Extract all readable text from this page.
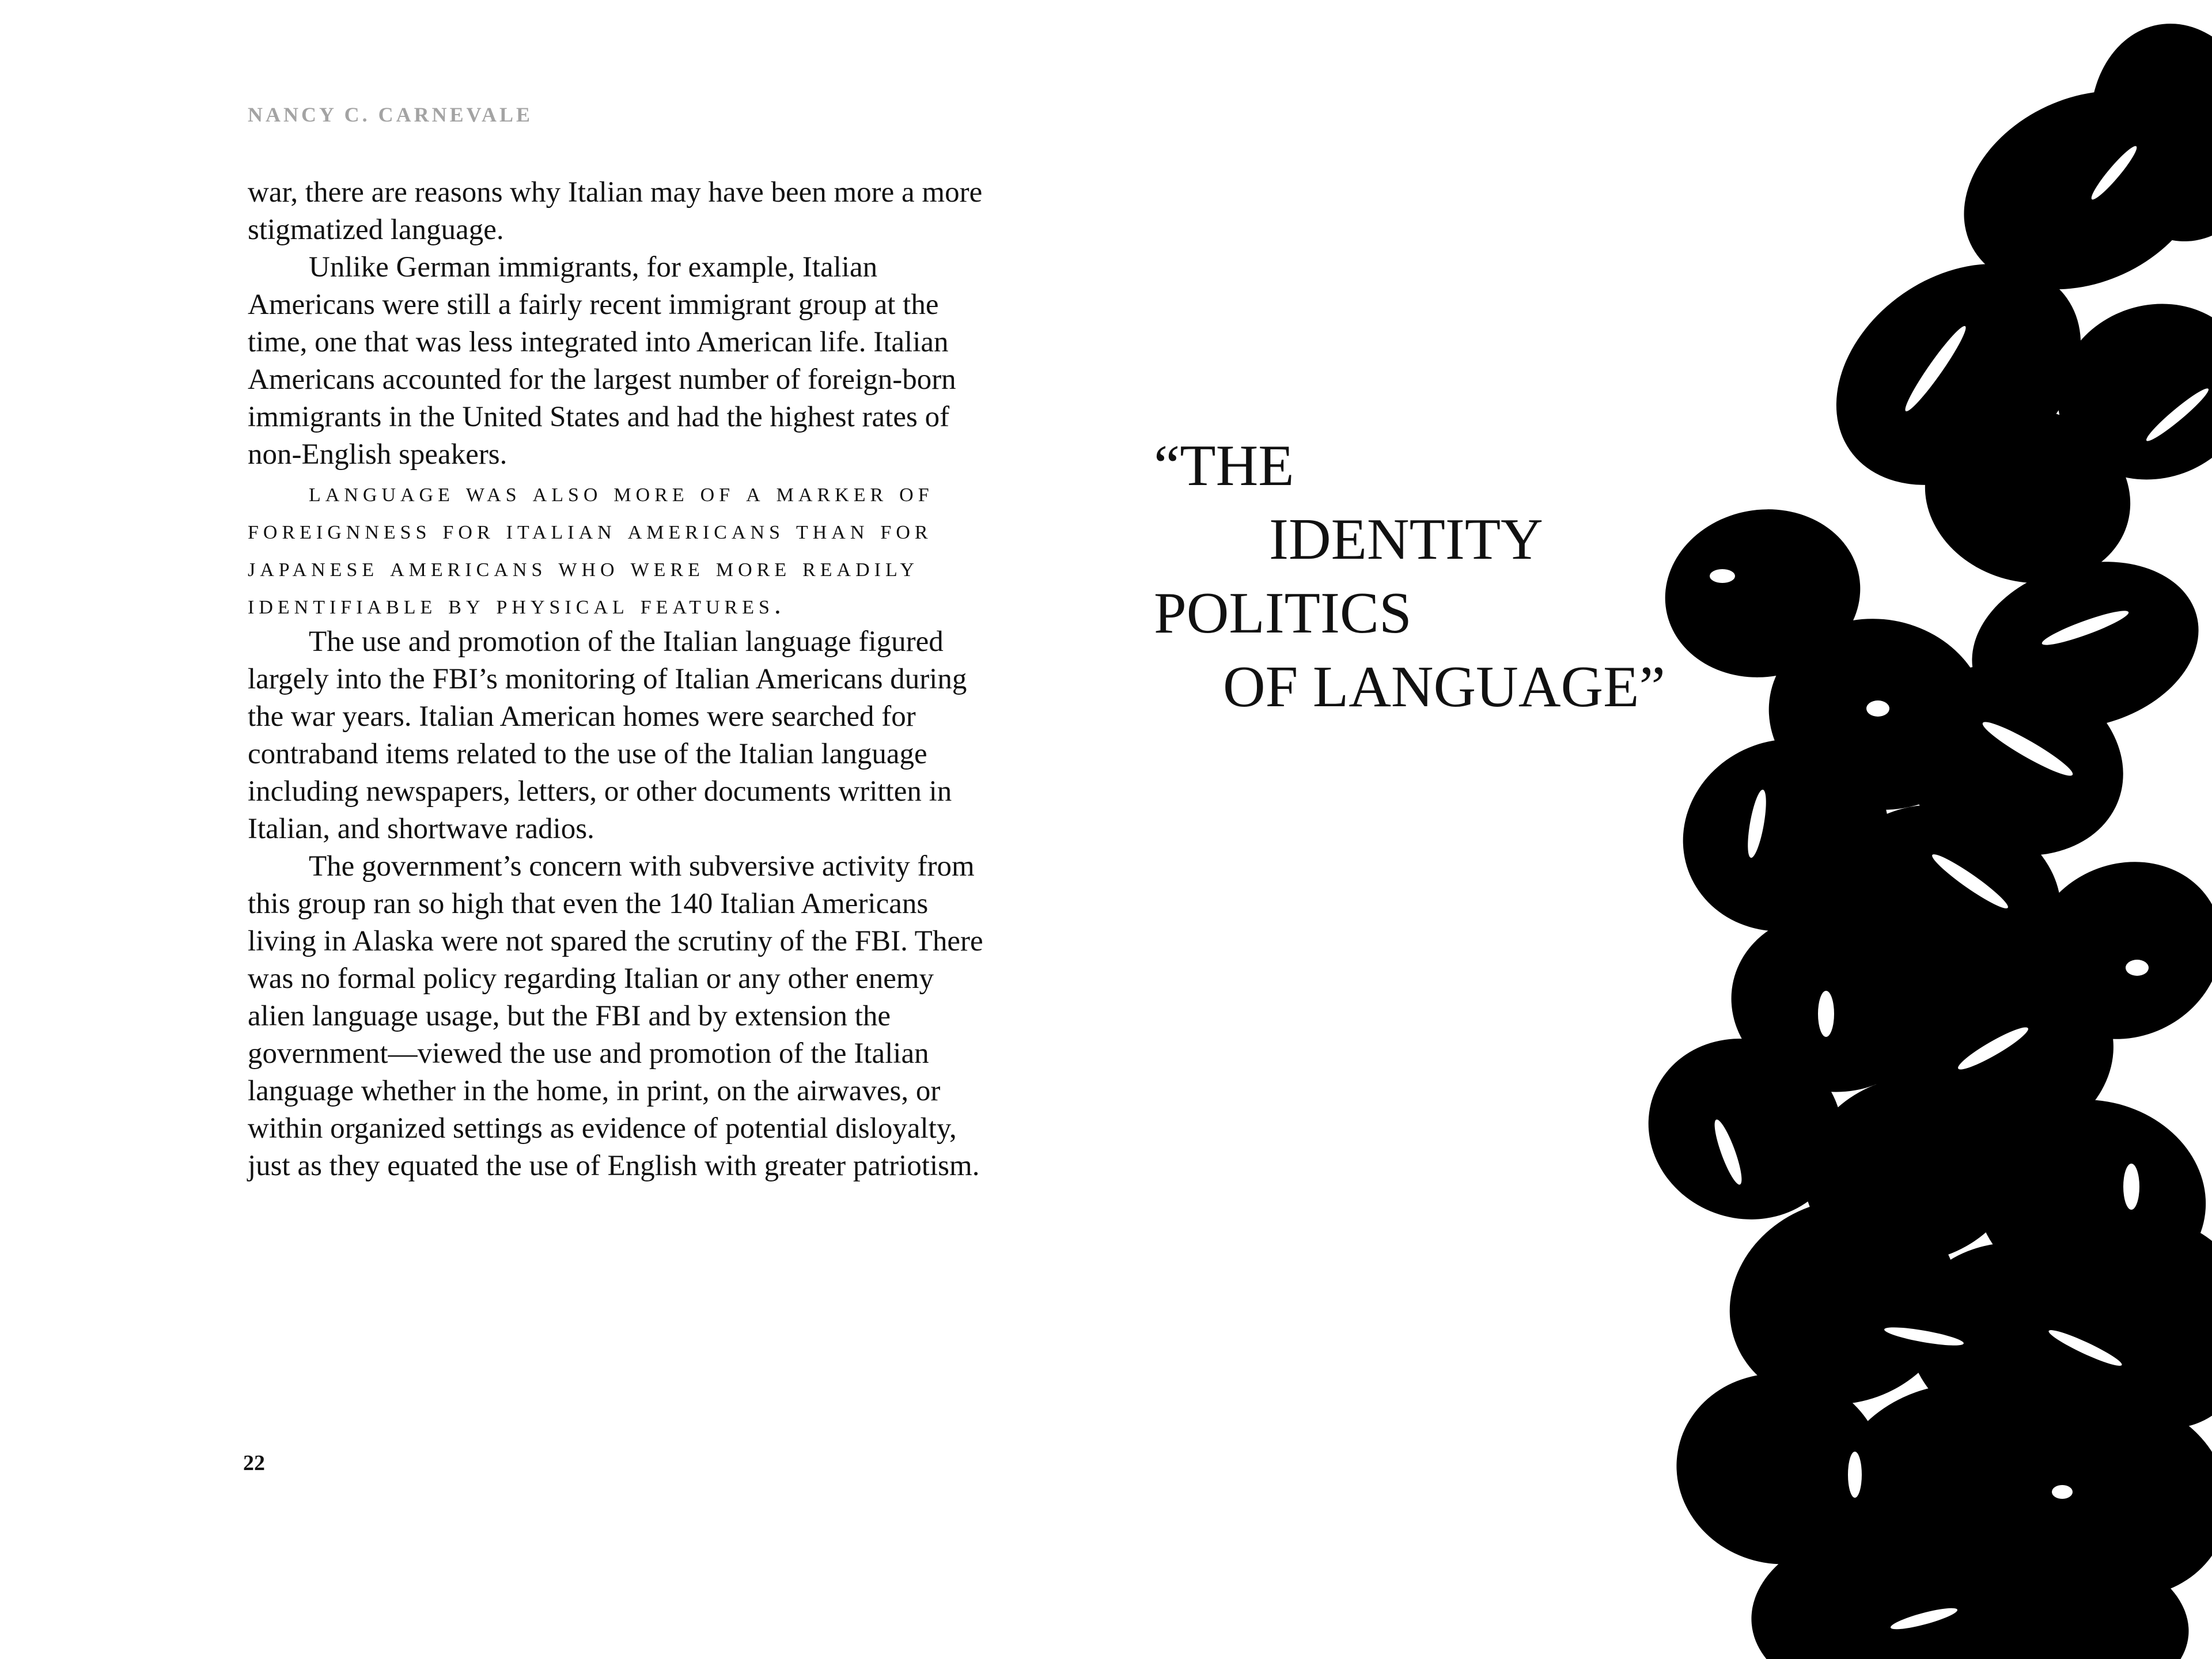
NANCY C. CARNEVALE

war, there are reasons why Italian may have been more a more stigmatized language.

Unlike German immigrants, for example, Italian Americans were still a fairly recent immigrant group at the time, one that was less integrated into American life. Italian Americans accounted for the largest number of foreign-born immigrants in the United States and had the highest rates of non-English speakers.

language was also more of a marker of foreignness for italian americans than for japanese americans who were more readily identifiable by physical features.

The use and promotion of the Italian language figured largely into the FBI’s monitoring of Italian Americans during the war years. Italian American homes were searched for contraband items related to the use of the Italian language including newspapers, letters, or other documents written in Italian, and shortwave radios.

The government’s concern with subversive activity from this group ran so high that even the 140 Italian Americans living in Alaska were not spared the scrutiny of the FBI. There was no formal policy regarding Italian or any other enemy alien language usage, but the FBI and by extension the government—viewed the use and promotion of the Italian language whether in the home, in print, on the airwaves, or within organized settings as evidence of potential disloyalty, just as they equated the use of English with greater patriotism.

22
“THE
IDENTITY
POLITICS
OF LANGUAGE”
